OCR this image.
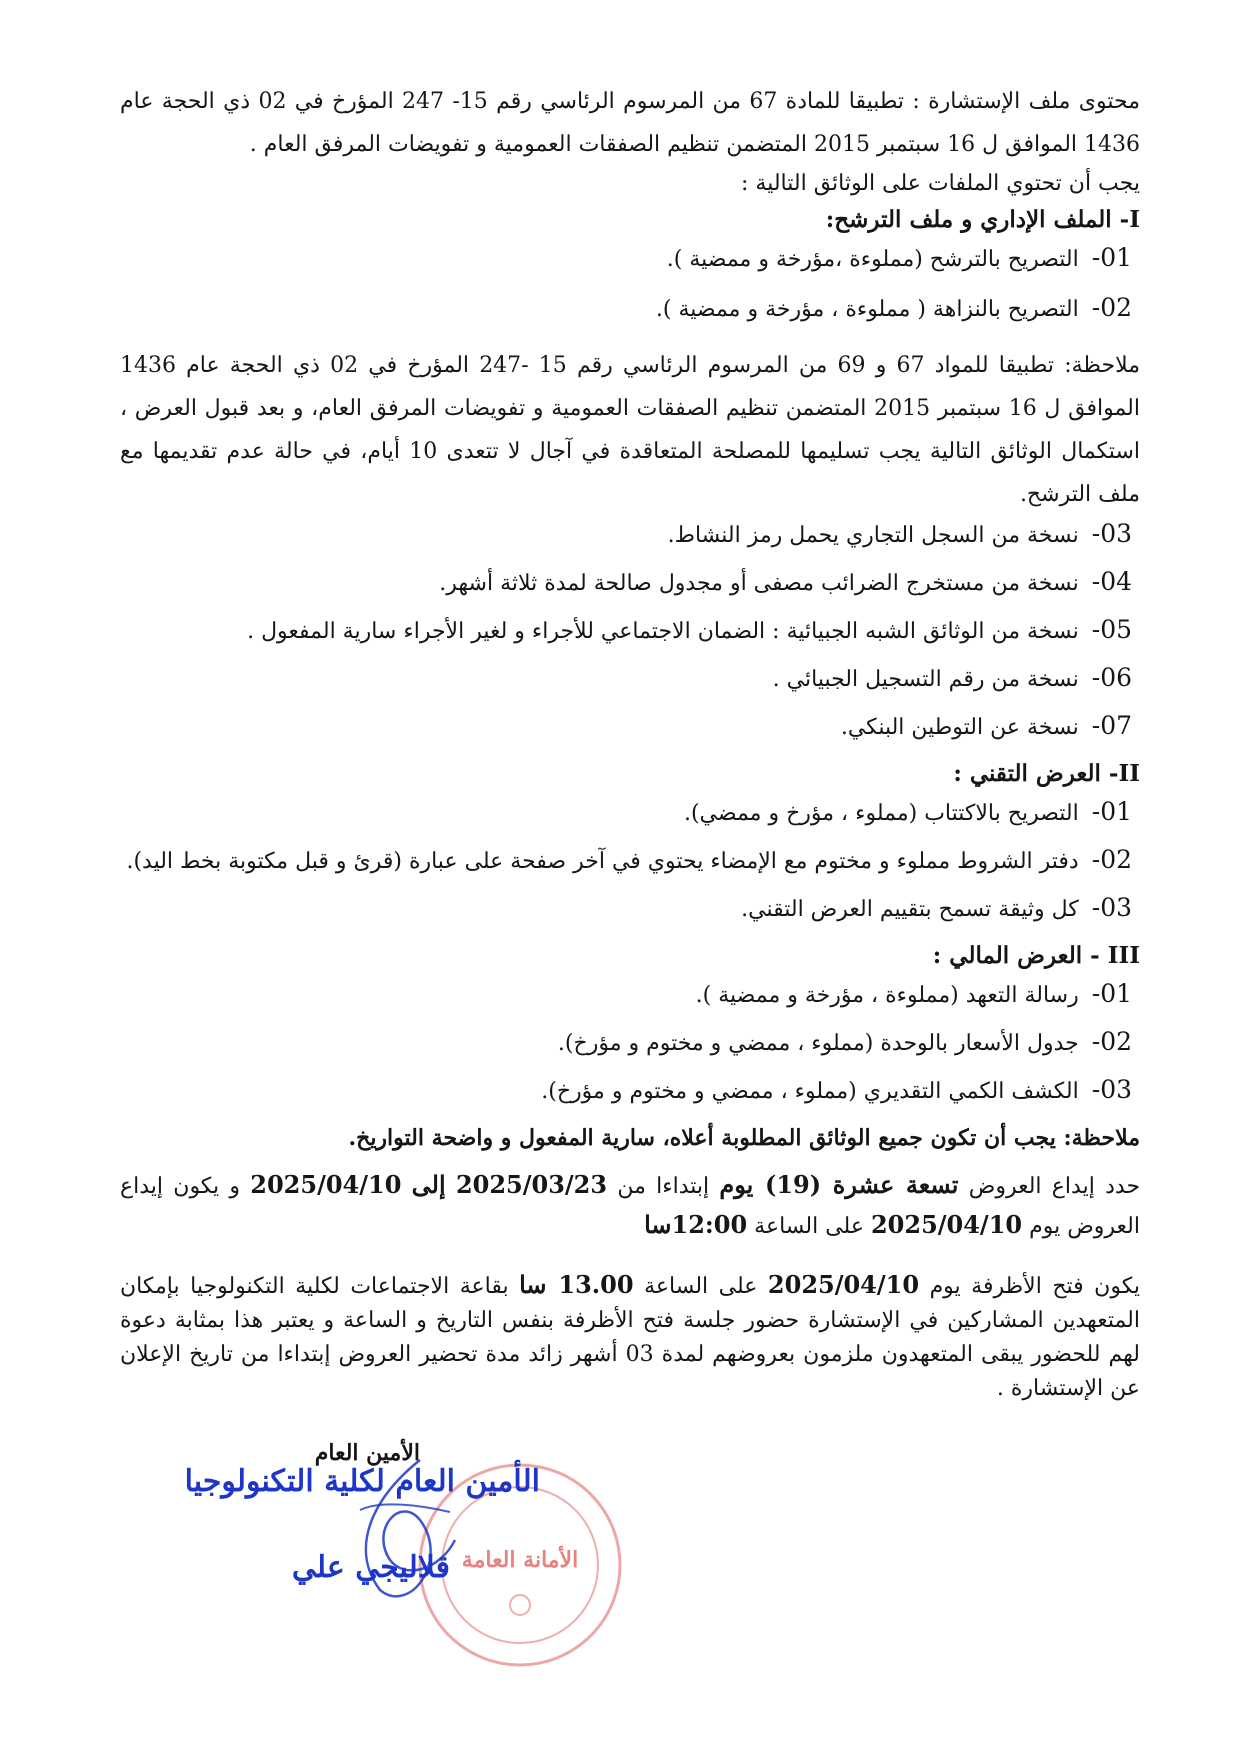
محتوى ملف الإستشارة : تطبيقا للمادة 67 من المرسوم الرئاسي رقم 15- 247 المؤرخ في 02 ذي الحجة عام 1436 الموافق ل 16 سبتمبر 2015 المتضمن تنظيم الصفقات العمومية و تفويضات المرفق العام .

يجب أن تحتوي الملفات على الوثائق التالية :

I- الملف الإداري و ملف الترشح:
01- التصريح بالترشح (مملوءة ،مؤرخة و ممضية ).
02- التصريح بالنزاهة ( مملوءة ، مؤرخة و ممضية ).

ملاحظة: تطبيقا للمواد 67 و 69 من المرسوم الرئاسي رقم 15 -247 المؤرخ في 02 ذي الحجة عام 1436 الموافق ل 16 سبتمبر 2015 المتضمن تنظيم الصفقات العمومية و تفويضات المرفق العام، و بعد قبول العرض ، استكمال الوثائق التالية يجب تسليمها للمصلحة المتعاقدة في آجال لا تتعدى 10 أيام، في حالة عدم تقديمها مع ملف الترشح.

03- نسخة من السجل التجاري يحمل رمز النشاط.
04- نسخة من مستخرج الضرائب مصفى أو مجدول صالحة لمدة ثلاثة أشهر.
05- نسخة من الوثائق الشبه الجبيائية : الضمان الاجتماعي للأجراء و لغير الأجراء سارية المفعول .
06- نسخة من رقم التسجيل الجبيائي .
07- نسخة عن التوطين البنكي.
II- العرض التقني :
01- التصريح بالاكتتاب (مملوء ، مؤرخ و ممضي).
02- دفتر الشروط مملوء و مختوم مع الإمضاء يحتوي في آخر صفحة على عبارة (قرئ و قبل مكتوبة بخط اليد).
03- كل وثيقة تسمح بتقييم العرض التقني.
III - العرض المالي :
01- رسالة التعهد (مملوءة ، مؤرخة و ممضية ).
02- جدول الأسعار بالوحدة (مملوء ، ممضي و مختوم و مؤرخ).
03- الكشف الكمي التقديري (مملوء ، ممضي و مختوم و مؤرخ).

ملاحظة: يجب أن تكون جميع الوثائق المطلوبة أعلاه، سارية المفعول و واضحة التواريخ.

حدد إيداع العروض تسعة عشرة (19) يوم إبتداءا من 2025/03/23 إلى 2025/04/10 و يكون إيداع العروض يوم 2025/04/10 على الساعة 12:00سا

يكون فتح الأظرفة يوم 2025/04/10 على الساعة 13.00 سا بقاعة الاجتماعات لكلية التكنولوجيا بإمكان المتعهدين المشاركين في الإستشارة حضور جلسة فتح الأظرفة بنفس التاريخ و الساعة و يعتبر هذا بمثابة دعوة لهم للحضور يبقى المتعهدون ملزمون بعروضهم لمدة 03 أشهر زائد مدة تحضير العروض إبتداءا من تاريخ الإعلان عن الإستشارة .

الأمانة العامة
الأمين العام
الأمين العام لكلية التكنولوجيا
قلاليجي علي
